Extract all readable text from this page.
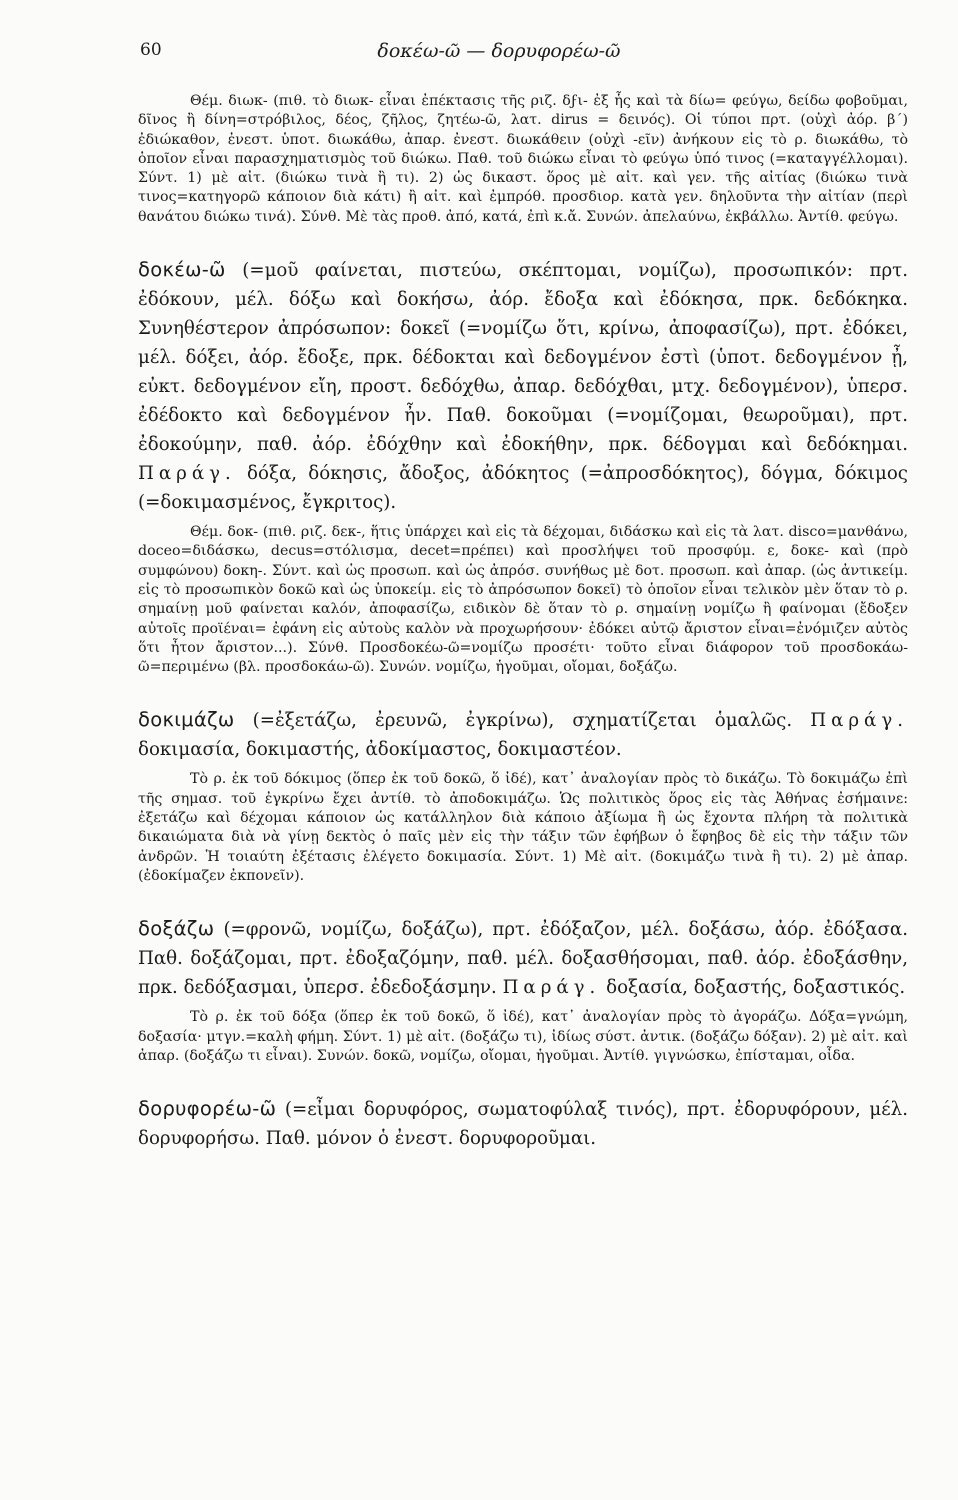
60	δοκέω-ῶ — δορυφορέω-ῶ

Θέμ. διωκ- (πιθ. τὸ διωκ- εἶναι ἐπέκτασις τῆς ριζ. δϝι- ἐξ ἧς καὶ τὰ δίω= φεύγω, δείδω φοβοῦμαι, δῖνος ἢ δίνη=στρόβιλος, δέος, ζῆλος, ζητέω-ῶ, λατ. dirus = δεινός). Οἱ τύποι πρτ. (οὐχὶ ἀόρ. β΄) ἐδιώκαθον, ἐνεστ. ὑποτ. διωκάθω, ἀπαρ. ἐνεστ. διωκάθειν (οὐχὶ -εῖν) ἀνήκουν εἰς τὸ ρ. διωκάθω, τὸ ὁποῖον εἶναι παρασχηματισμὸς τοῦ διώκω. Παθ. τοῦ διώκω εἶναι τὸ φεύγω ὑπό τινος (=καταγγέλλομαι). Σύντ. 1) μὲ αἰτ. (διώκω τινὰ ἢ τι). 2) ὡς δικαστ. ὅρος μὲ αἰτ. καὶ γεν. τῆς αἰτίας (διώκω τινὰ τινος=κατηγορῶ κάποιον διὰ κάτι) ἢ αἰτ. καὶ ἐμπρόθ. προσδιορ. κατὰ γεν. δηλοῦντα τὴν αἰτίαν (περὶ θανάτου διώκω τινά). Σύνθ. Μὲ τὰς προθ. ἀπό, κατά, ἐπὶ κ.ἄ. Συνών. ἀπελαύνω, ἐκβάλλω. Ἀντίθ. φεύγω.

δοκέω-ῶ (=μοῦ φαίνεται, πιστεύω, σκέπτομαι, νομίζω), προσωπικόν: πρτ. ἐδόκουν, μέλ. δόξω καὶ δοκήσω, ἀόρ. ἔδοξα καὶ ἐδόκησα, πρκ. δεδόκηκα. Συνηθέστερον ἀπρόσωπον: δοκεῖ (=νομίζω ὅτι, κρίνω, ἀποφασίζω), πρτ. ἐδόκει, μέλ. δόξει, ἀόρ. ἔδοξε, πρκ. δέδοκται καὶ δεδογμένον ἐστὶ (ὑποτ. δεδογμένον ᾖ, εὐκτ. δεδογμένον εἴη, προστ. δεδόχθω, ἀπαρ. δεδόχθαι, μτχ. δεδογμένον), ὑπερσ. ἐδέδοκτο καὶ δεδογμένον ἦν. Παθ. δοκοῦμαι (=νομίζομαι, θεωροῦμαι), πρτ. ἐδοκούμην, παθ. ἀόρ. ἐδόχθην καὶ ἐδοκήθην, πρκ. δέδογμαι καὶ δεδόκημαι. Παράγ. δόξα, δόκησις, ἄδοξος, ἀδόκητος (=ἀπροσδόκητος), δόγμα, δόκιμος (=δοκιμασμένος, ἔγκριτος).

Θέμ. δοκ- (πιθ. ριζ. δεκ-, ἥτις ὑπάρχει καὶ εἰς τὰ δέχομαι, διδάσκω καὶ εἰς τὰ λατ. disco=μανθάνω, doceo=διδάσκω, decus=στόλισμα, decet=πρέπει) καὶ προσλήψει τοῦ προσφύμ. ε, δοκε- καὶ (πρὸ συμφώνου) δοκη-. Σύντ. καὶ ὡς προσωπ. καὶ ὡς ἀπρόσ. συνήθως μὲ δοτ. προσωπ. καὶ ἀπαρ. (ὡς ἀντικείμ. εἰς τὸ προσωπικὸν δοκῶ καὶ ὡς ὑποκείμ. εἰς τὸ ἀπρόσωπον δοκεῖ) τὸ ὁποῖον εἶναι τελικὸν μὲν ὅταν τὸ ρ. σημαίνῃ μοῦ φαίνεται καλόν, ἀποφασίζω, ειδικὸν δὲ ὅταν τὸ ρ. σημαίνῃ νομίζω ἢ φαίνομαι (ἔδοξεν αὐτοῖς προϊέναι= ἐφάνη εἰς αὐτοὺς καλὸν νὰ προχωρήσουν· ἐδόκει αὐτῷ ἄριστον εἶναι=ἐνόμιζεν αὐτὸς ὅτι ἦτον ἄριστον...). Σύνθ. Προσδοκέω-ῶ=νομίζω προσέτι· τοῦτο εἶναι διάφορον τοῦ προσδοκάω-ῶ=περιμένω (βλ. προσδοκάω-ῶ). Συνών. νομίζω, ἡγοῦμαι, οἴομαι, δοξάζω.

δοκιμάζω (=ἐξετάζω, ἐρευνῶ, ἐγκρίνω), σχηματίζεται ὁμαλῶς. Παράγ. δοκιμασία, δοκιμαστής, ἀδοκίμαστος, δοκιμαστέον.

Τὸ ρ. ἐκ τοῦ δόκιμος (ὅπερ ἐκ τοῦ δοκῶ, ὅ ἰδέ), κατ᾽ ἀναλογίαν πρὸς τὸ δικάζω. Τὸ δοκιμάζω ἐπὶ τῆς σημασ. τοῦ ἐγκρίνω ἔχει ἀντίθ. τὸ ἀποδοκιμάζω. Ὡς πολιτικὸς ὅρος εἰς τὰς Ἀθήνας ἐσήμαινε: ἐξετάζω καὶ δέχομαι κάποιον ὡς κατάλληλον διὰ κάποιο ἀξίωμα ἢ ὡς ἔχοντα πλήρη τὰ πολιτικὰ δικαιώματα διὰ νὰ γίνῃ δεκτὸς ὁ παῖς μὲν εἰς τὴν τάξιν τῶν ἐφήβων ὁ ἔφηβος δὲ εἰς τὴν τάξιν τῶν ἀνδρῶν. Ἡ τοιαύτη ἐξέτασις ἐλέγετο δοκιμασία. Σύντ. 1) Μὲ αἰτ. (δοκιμάζω τινὰ ἢ τι). 2) μὲ ἀπαρ. (ἐδοκίμαζεν ἐκπονεῖν).

δοξάζω (=φρονῶ, νομίζω, δοξάζω), πρτ. ἐδόξαζον, μέλ. δοξάσω, ἀόρ. ἐδόξασα. Παθ. δοξάζομαι, πρτ. ἐδοξαζόμην, παθ. μέλ. δοξασθήσομαι, παθ. ἀόρ. ἐδοξάσθην, πρκ. δεδόξασμαι, ὑπερσ. ἐδεδοξάσμην. Παράγ. δοξασία, δοξαστής, δοξαστικός.

Τὸ ρ. ἐκ τοῦ δόξα (ὅπερ ἐκ τοῦ δοκῶ, ὅ ἰδέ), κατ᾽ ἀναλογίαν πρὸς τὸ ἀγοράζω. Δόξα=γνώμη, δοξασία· μτγν.=καλὴ φήμη. Σύντ. 1) μὲ αἰτ. (δοξάζω τι), ἰδίως σύστ. ἀντικ. (δοξάζω δόξαν). 2) μὲ αἰτ. καὶ ἀπαρ. (δοξάζω τι εἶναι). Συνών. δοκῶ, νομίζω, οἴομαι, ἡγοῦμαι. Ἀντίθ. γιγνώσκω, ἐπίσταμαι, οἶδα.

δορυφορέω-ῶ (=εἶμαι δορυφόρος, σωματοφύλαξ τινός), πρτ. ἐδορυφόρουν, μέλ. δορυφορήσω. Παθ. μόνον ὁ ἐνεστ. δορυφοροῦμαι.
